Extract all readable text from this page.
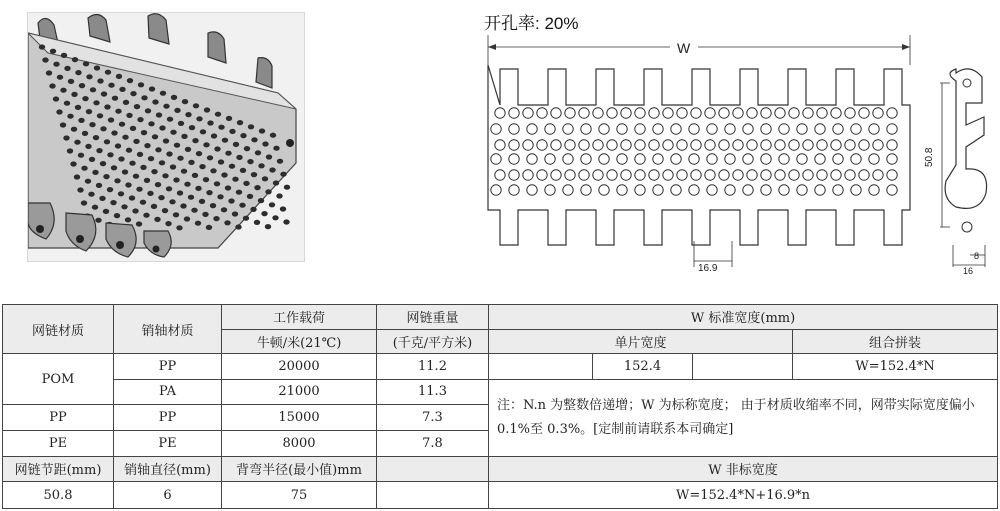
开孔率: 20%
W
16.9
50.8
8
16
网链材质	销轴材质	工作载荷	网链重量	W 标准宽度(mm)			
		牛顿/米(21℃)	(千克/平方米)	单片宽度			组合拼装
POM	PP	20000	11.2		152.4		W=152.4*N
	PA	21000	11.3	注：N.n 为整数倍递增；W 为标称宽度； 由于材质收缩率不同，网带实际宽度偏小 0.1%至 0.3%。[定制前请联系本司确定]			
PP	PP	15000	7.3				
PE	PE	8000	7.8				
网链节距(mm)	销轴直径(mm)	背弯半径(最小值)mm		W 非标宽度			
50.8	6	75		W=152.4*N+16.9*n			
